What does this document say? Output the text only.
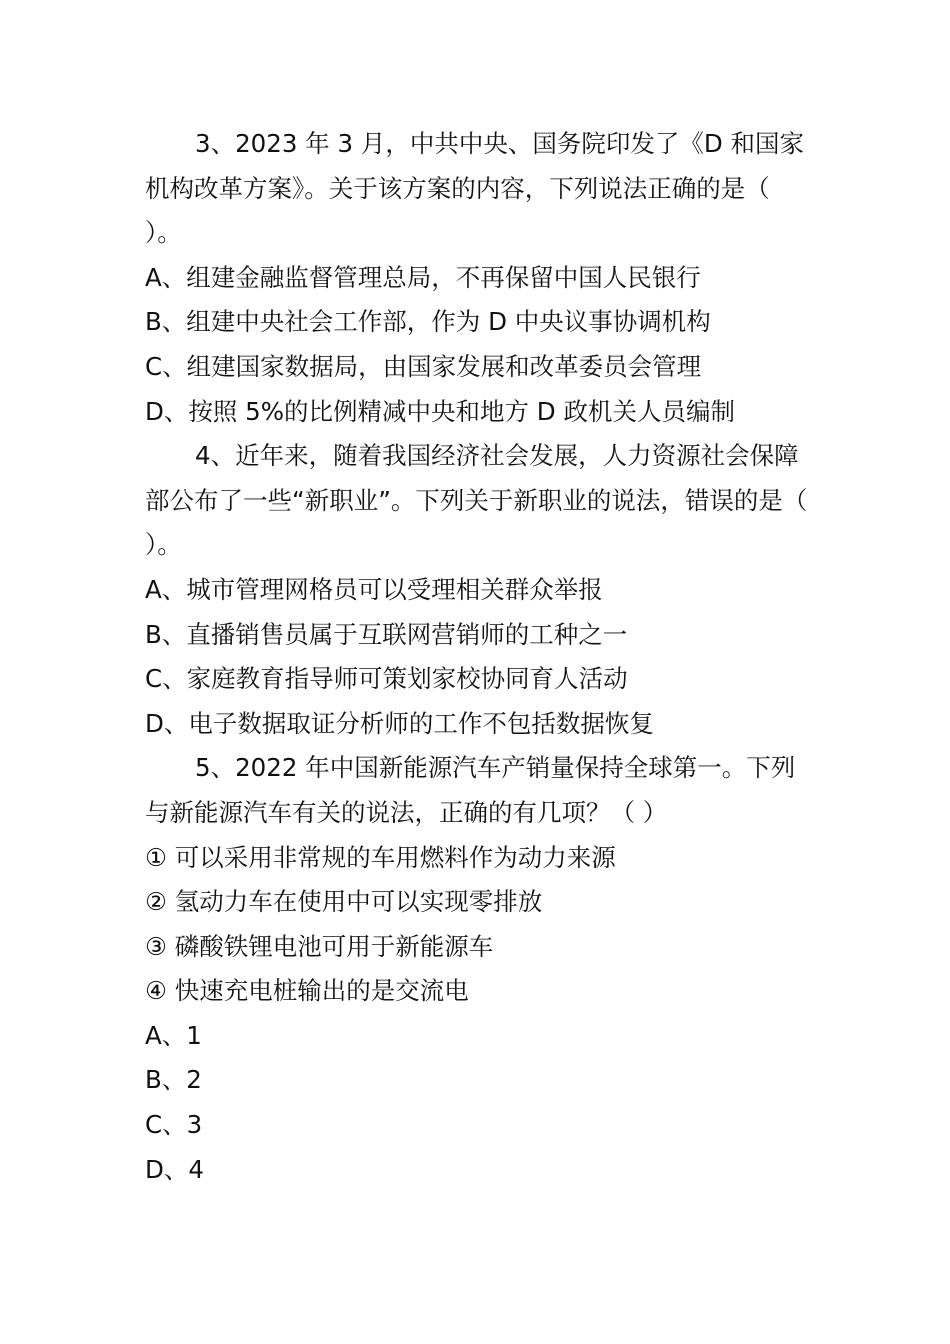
3、2023 年 3 月，中共中央、国务院印发了《D 和国家机构改革方案》。关于该方案的内容，下列说法正确的是（ ）。

A、组建金融监督管理总局，不再保留中国人民银行

B、组建中央社会工作部，作为 D 中央议事协调机构

C、组建国家数据局，由国家发展和改革委员会管理

D、按照 5%的比例精减中央和地方 D 政机关人员编制

4、近年来，随着我国经济社会发展，人力资源社会保障部公布了一些“新职业”。下列关于新职业的说法，错误的是（ ）。

A、城市管理网格员可以受理相关群众举报

B、直播销售员属于互联网营销师的工种之一

C、家庭教育指导师可策划家校协同育人活动

D、电子数据取证分析师的工作不包括数据恢复

5、2022 年中国新能源汽车产销量保持全球第一。下列与新能源汽车有关的说法，正确的有几项？（ ）

① 可以采用非常规的车用燃料作为动力来源

② 氢动力车在使用中可以实现零排放

③ 磷酸铁锂电池可用于新能源车

④ 快速充电桩输出的是交流电

A、1

B、2

C、3

D、4
